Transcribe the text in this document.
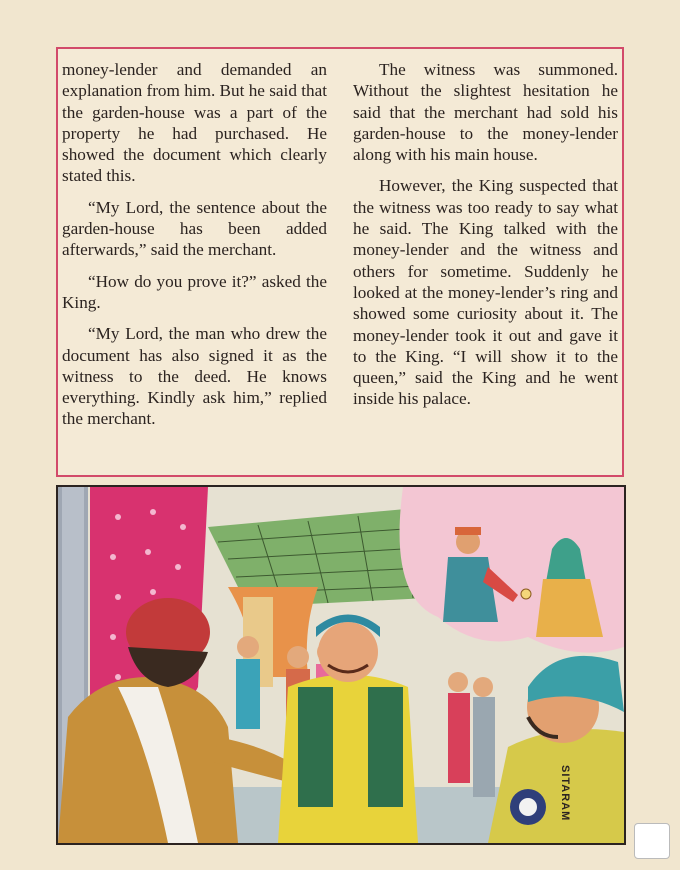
money-lender and demanded an explanation from him. But he said that the garden-house was a part of the property he had purchased. He showed the document which clearly stated this.

“My Lord, the sentence about the garden-house has been added afterwards,” said the merchant.

“How do you prove it?” asked the King.

“My Lord, the man who drew the document has also signed it as the witness to the deed. He knows everything. Kindly ask him,” replied the merchant.

The witness was summoned. Without the slightest hesitation he said that the merchant had sold his garden-house to the money-lender along with his main house.

However, the King suspected that the witness was too ready to say what he said. The King talked with the money-lender and the witness and others for sometime. Suddenly he looked at the money-lender’s ring and showed some curiosity about it. The money-lender took it out and gave it to the King. “I will show it to the queen,” said the King and he went inside his palace.

SITARAM
